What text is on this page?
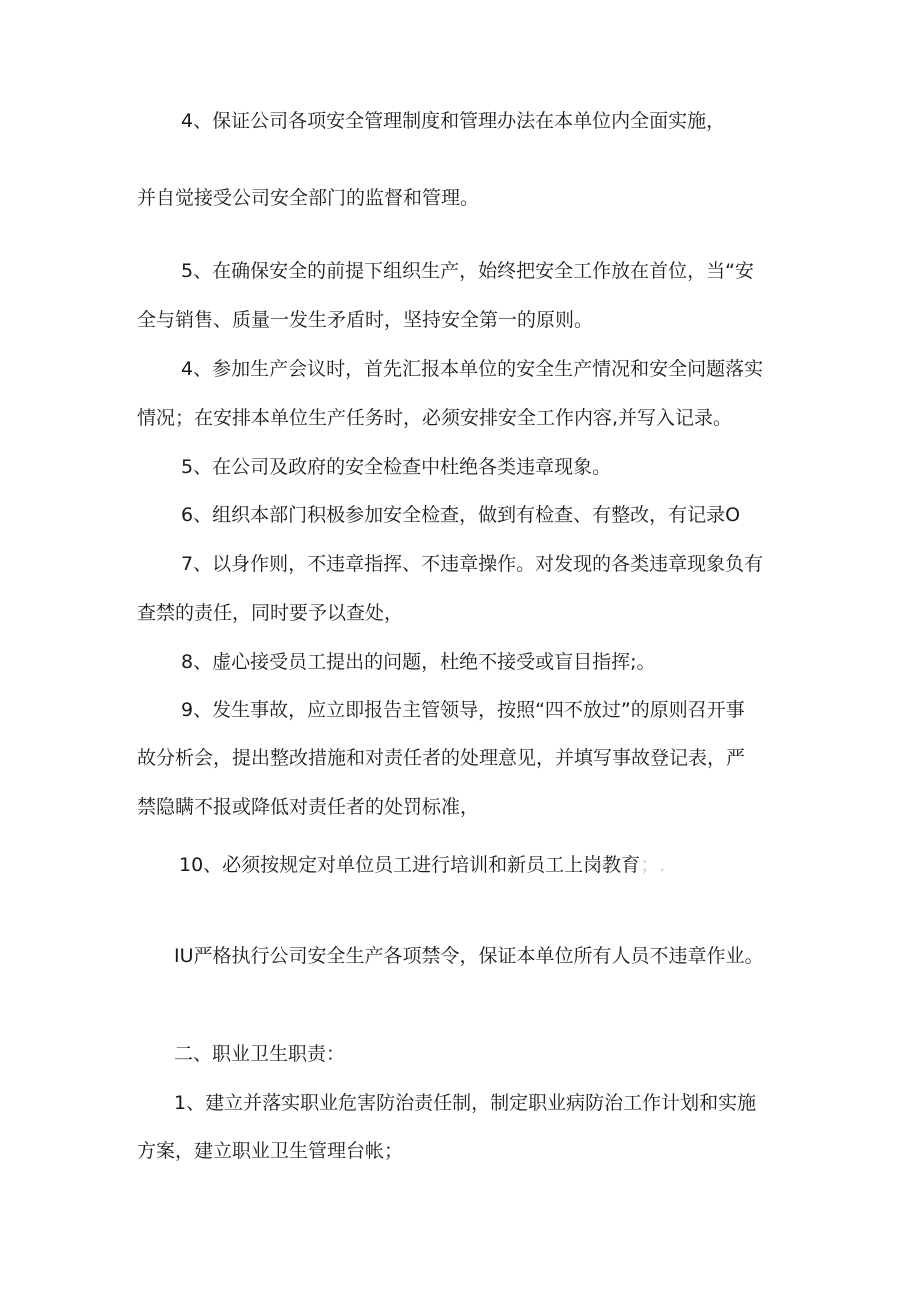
4、保证公司各项安全管理制度和管理办法在本单位内全面实施，

并自觉接受公司安全部门的监督和管理。

5、在确保安全的前提下组织生产，始终把安全工作放在首位，当“安

全与销售、质量一发生矛盾时，坚持安全第一的原则。

4、参加生产会议时，首先汇报本单位的安全生产情况和安全问题落实

情况；在安排本单位生产任务时，必须安排安全工作内容,并写入记录。

5、在公司及政府的安全检查中杜绝各类违章现象。

6、组织本部门积极参加安全检查，做到有检查、有整改，有记录O

7、以身作则，不违章指挥、不违章操作。对发现的各类违章现象负有

查禁的责任，同时要予以查处，

8、虚心接受员工提出的问题，杜绝不接受或盲目指挥;。

9、发生事故，应立即报告主管领导，按照“四不放过”的原则召开事

故分析会，提出整改措施和对责任者的处理意见，并填写事故登记表，严

禁隐瞒不报或降低对责任者的处罚标准，

10、必须按规定对单位员工进行培训和新员工上岗教育；.

IU严格执行公司安全生产各项禁令，保证本单位所有人员不违章作业。

二、职业卫生职责：

1、建立并落实职业危害防治责任制，制定职业病防治工作计划和实施

方案，建立职业卫生管理台帐；
